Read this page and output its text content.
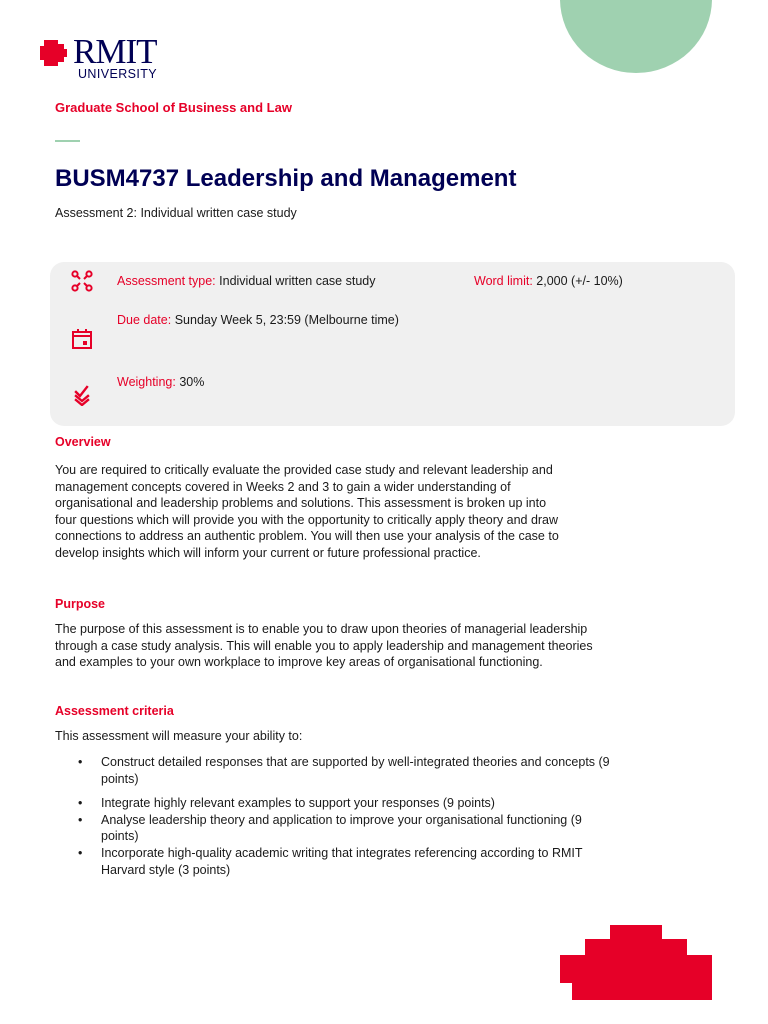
RMIT
UNIVERSITY
Graduate School of Business and Law
BUSM4737 Leadership and Management
Assessment 2: Individual written case study
Assessment type: Individual written case study	Word limit: 2,000 (+/- 10%)
Due date: Sunday Week 5, 23:59 (Melbourne time)
Weighting: 30%
Overview
You are required to critically evaluate the provided case study and relevant leadership and
management concepts covered in Weeks 2 and 3 to gain a wider understanding of
organisational and leadership problems and solutions. This assessment is broken up into
four questions which will provide you with the opportunity to critically apply theory and draw
connections to address an authentic problem. You will then use your analysis of the case to
develop insights which will inform your current or future professional practice.
Purpose
The purpose of this assessment is to enable you to draw upon theories of managerial leadership
through a case study analysis. This will enable you to apply leadership and management theories
and examples to your own workplace to improve key areas of organisational functioning.
Assessment criteria
This assessment will measure your ability to:
• Construct detailed responses that are supported by well-integrated theories and concepts (9
points)
• Integrate highly relevant examples to support your responses (9 points)
• Analyse leadership theory and application to improve your organisational functioning (9
points)
• Incorporate high-quality academic writing that integrates referencing according to RMIT
Harvard style (3 points)
